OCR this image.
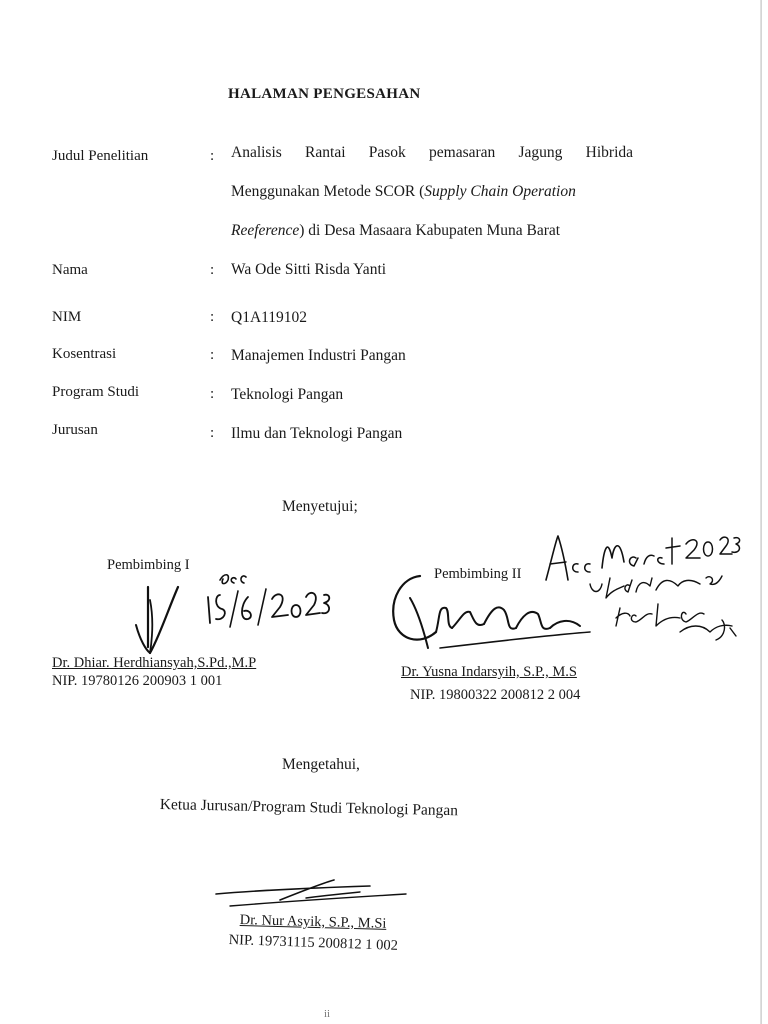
HALAMAN PENGESAHAN
Judul Penelitian	: Analisis Rantai Pasok pemasaran Jagung Hibrida
Menggunakan Metode SCOR (Supply Chain Operation
Reeference) di Desa Masaara Kabupaten Muna Barat
Nama	: Wa Ode Sitti Risda Yanti
NIM	: Q1A119102
Kosentrasi	: Manajemen Industri Pangan
Program Studi	: Teknologi Pangan
Jurusan	: Ilmu dan Teknologi Pangan
Menyetujui;
Pembimbing I
Dr. Dhiar. Herdhiansyah,S.Pd.,M.P
NIP. 19780126 200903 1 001
Pembimbing II
Dr. Yusna Indarsyih, S.P., M.S
NIP. 19800322 200812 2 004
Mengetahui,
Ketua Jurusan/Program Studi Teknologi Pangan
Dr. Nur Asyik, S.P., M.Si
NIP. 19731115 200812 1 002
ii
